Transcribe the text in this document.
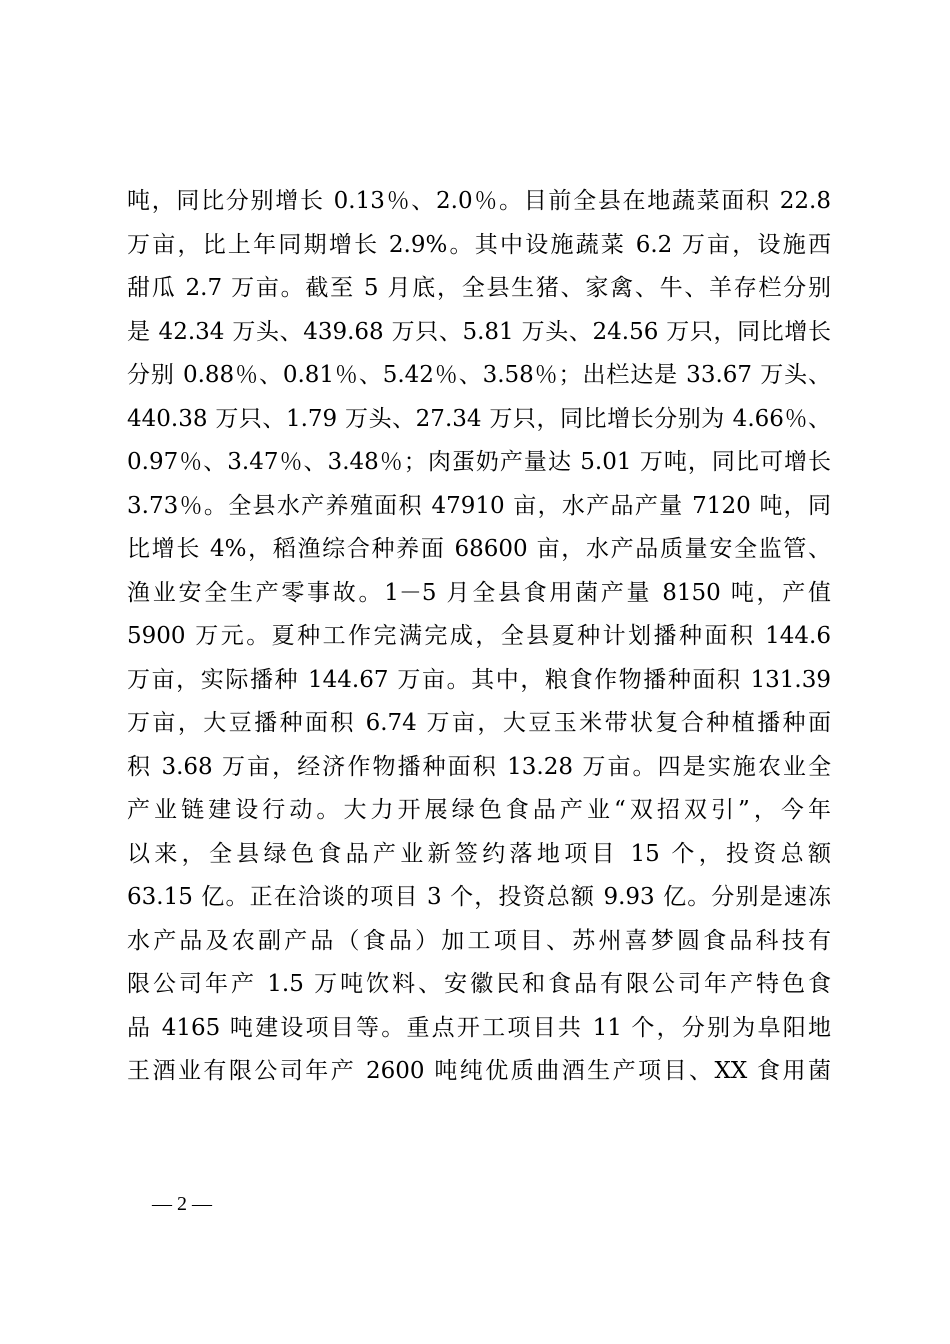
吨，同比分别增长 0.13％、2.0％。目前全县在地蔬菜面积 22.8
万亩，比上年同期增长 2.9%。其中设施蔬菜 6.2 万亩，设施西
甜瓜 2.7 万亩。截至 5 月底，全县生猪、家禽、牛、羊存栏分别
是 42.34 万头、439.68 万只、5.81 万头、24.56 万只，同比增长
分别 0.88％、0.81％、5.42％、3.58％；出栏达是 33.67 万头、
440.38 万只、1.79 万头、27.34 万只，同比增长分别为 4.66％、
0.97％、3.47％、3.48％；肉蛋奶产量达 5.01 万吨，同比可增长
3.73％。全县水产养殖面积 47910 亩，水产品产量 7120 吨，同
比增长 4%，稻渔综合种养面 68600 亩，水产品质量安全监管、
渔业安全生产零事故。1－5 月全县食用菌产量 8150 吨，产值
5900 万元。夏种工作完满完成，全县夏种计划播种面积 144.6
万亩，实际播种 144.67 万亩。其中，粮食作物播种面积 131.39
万亩，大豆播种面积 6.74 万亩，大豆玉米带状复合种植播种面
积 3.68 万亩，经济作物播种面积 13.28 万亩。四是实施农业全
产业链建设行动。大力开展绿色食品产业“双招双引”，今年
以来，全县绿色食品产业新签约落地项目 15 个，投资总额
63.15 亿。正在洽谈的项目 3 个，投资总额 9.93 亿。分别是速冻
水产品及农副产品（食品）加工项目、苏州喜梦圆食品科技有
限公司年产 1.5 万吨饮料、安徽民和食品有限公司年产特色食
品 4165 吨建设项目等。重点开工项目共 11 个，分别为阜阳地
王酒业有限公司年产 2600 吨纯优质曲酒生产项目、XX 食用菌
— 2 —
